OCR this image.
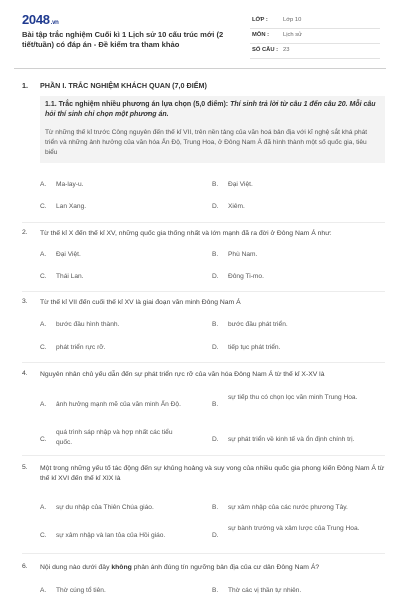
2048.vn
Bài tập trắc nghiệm Cuối kì 1 Lịch sử 10 cấu trúc mới (2 tiết/tuần) có đáp án - Đề kiểm tra tham khảo
LỚP :	Lớp 10
MÔN : Lịch sử
SỐ CÂU : 23
1. PHẦN I. TRẮC NGHIỆM KHÁCH QUAN (7,0 ĐIỂM)
1.1. Trắc nghiệm nhiều phương án lựa chọn (5,0 điểm): Thí sinh trả lời từ câu 1 đến câu 20. Mỗi câu hỏi thí sinh chỉ chọn một phương án.
Từ những thế kỉ trước Công nguyên đến thế kỉ VII, trên nền tảng của văn hoá bản địa với kĩ nghệ sắt khá phát triển và những ảnh hưởng của văn hóa Ấn Độ, Trung Hoa, ở Đông Nam Á đã hình thành một số quốc gia, tiêu biểu
A. Ma-lay-u.	B. Đại Việt.
C. Lan Xang.	D. Xiêm.
2. Từ thế kỉ X đến thế kỉ XV, những quốc gia thống nhất và lớn mạnh đã ra đời ở Đông Nam Á như:
A. Đại Việt.	B. Phù Nam.
C. Thái Lan.	D. Đông Ti-mo.
3. Từ thế kỉ VII đến cuối thế kỉ XV là giai đoạn văn minh Đông Nam Á
A. bước đầu hình thành.	B. bước đầu phát triển.
C. phát triển rực rỡ.	D. tiếp tục phát triển.
4. Nguyên nhân chủ yếu dẫn đến sự phát triển rực rỡ của văn hóa Đông Nam Á từ thế kỉ X-XV là
A. ảnh hưởng mạnh mẽ của văn minh Ấn Độ.	B.
sự tiếp thu có chọn lọc văn minh Trung Hoa.
C.
quá trình sáp nhập và hợp nhất các tiểu quốc.	D. sự phát triển về kinh tế và ổn định chính trị.
5. Một trong những yếu tố tác động đến sự khủng hoảng và suy vong của nhiều quốc gia phong kiến Đông Nam Á từ thế kỉ XVI đến thế kỉ XIX là
A. sự du nhập của Thiên Chúa giáo.	B. sự xâm nhập của các nước phương Tây.
C. sự xâm nhập và lan tỏa của Hồi giáo.	D.
sự bành trướng và xâm lược của Trung Hoa.
6. Nội dung nào dưới đây không phản ánh đúng tín ngưỡng bản địa của cư dân Đông Nam Á?
A. Thờ cúng tổ tiên.	B. Thờ các vị thần tự nhiên.
